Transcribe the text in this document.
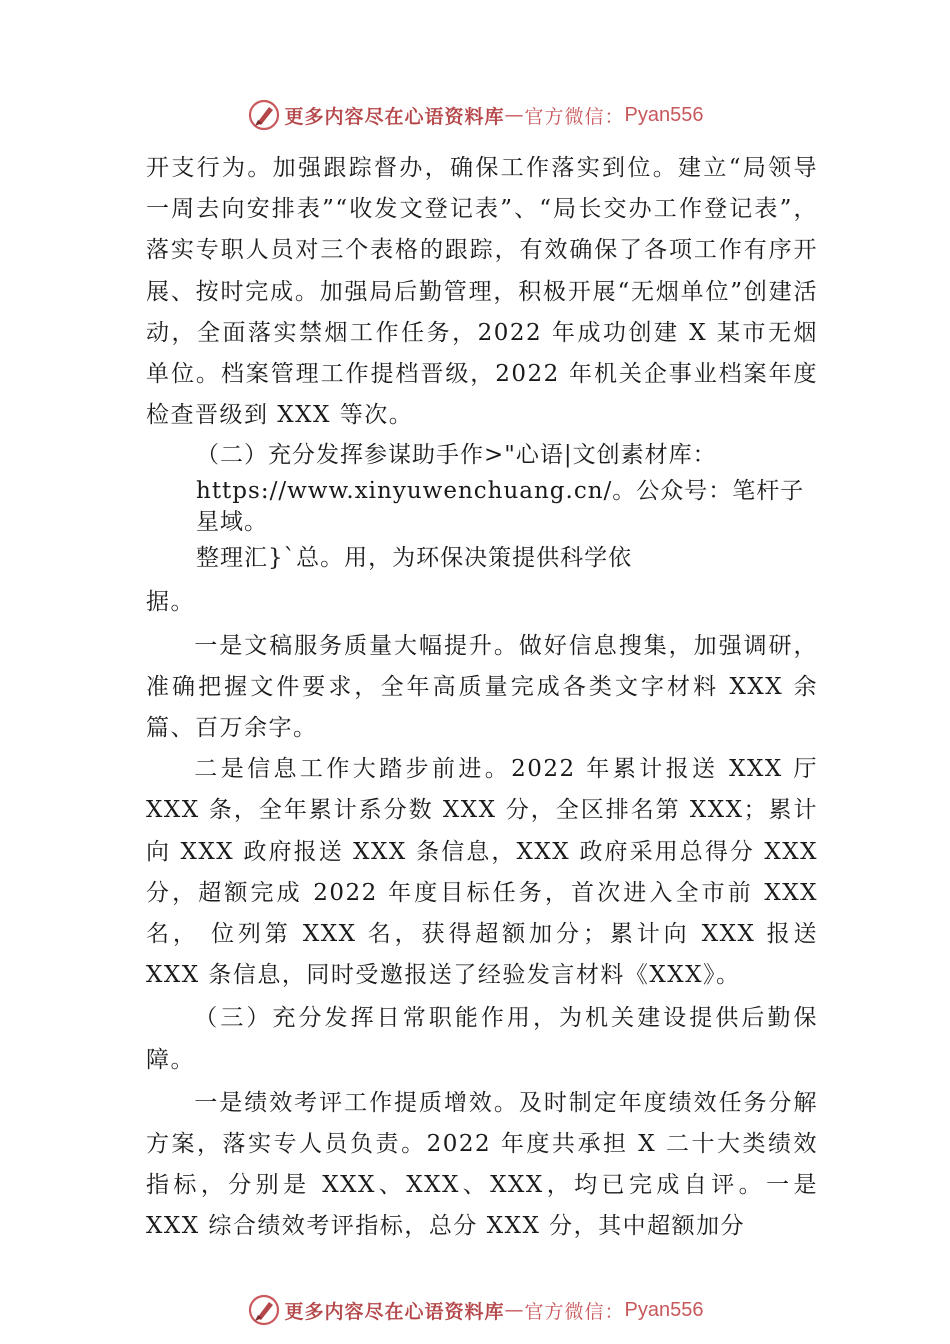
更多内容尽在心语资料库 — 官方微信： Pyan556

开支行为。加强跟踪督办，确保工作落实到位。建立“局领导一周去向安排表”“收发文登记表”、“局长交办工作登记表”，落实专职人员对三个表格的跟踪，有效确保了各项工作有序开展、按时完成。加强局后勤管理，积极开展“无烟单位”创建活动，全面落实禁烟工作任务，2022 年成功创建 X 某市无烟单位。档案管理工作提档晋级，2022 年机关企事业档案年度检查晋级到 XXX 等次。

（二）充分发挥参谋助手作>"心语|文创素材库：

https://www.xinyuwenchuang.cn/。公众号：笔杆子星域。

整理汇}`总。用，为环保决策提供科学依

据。

一是文稿服务质量大幅提升。做好信息搜集，加强调研，准确把握文件要求，全年高质量完成各类文字材料 XXX 余篇、百万余字。

二是信息工作大踏步前进。2022 年累计报送 XXX 厅 XXX 条，全年累计系分数 XXX 分，全区排名第 XXX；累计向 XXX 政府报送 XXX 条信息，XXX 政府采用总得分 XXX 分，超额完成 2022 年度目标任务，首次进入全市前 XXX 名， 位列第 XXX 名，获得超额加分；累计向 XXX 报送 XXX 条信息，同时受邀报送了经验发言材料《XXX》。

（三）充分发挥日常职能作用，为机关建设提供后勤保障。

一是绩效考评工作提质增效。及时制定年度绩效任务分解方案，落实专人员负责。2022 年度共承担 X 二十大类绩效指标，分别是 XXX、XXX、XXX，均已完成自评。一是 XXX 综合绩效考评指标，总分 XXX 分，其中超额加分

更多内容尽在心语资料库 — 官方微信： Pyan556
